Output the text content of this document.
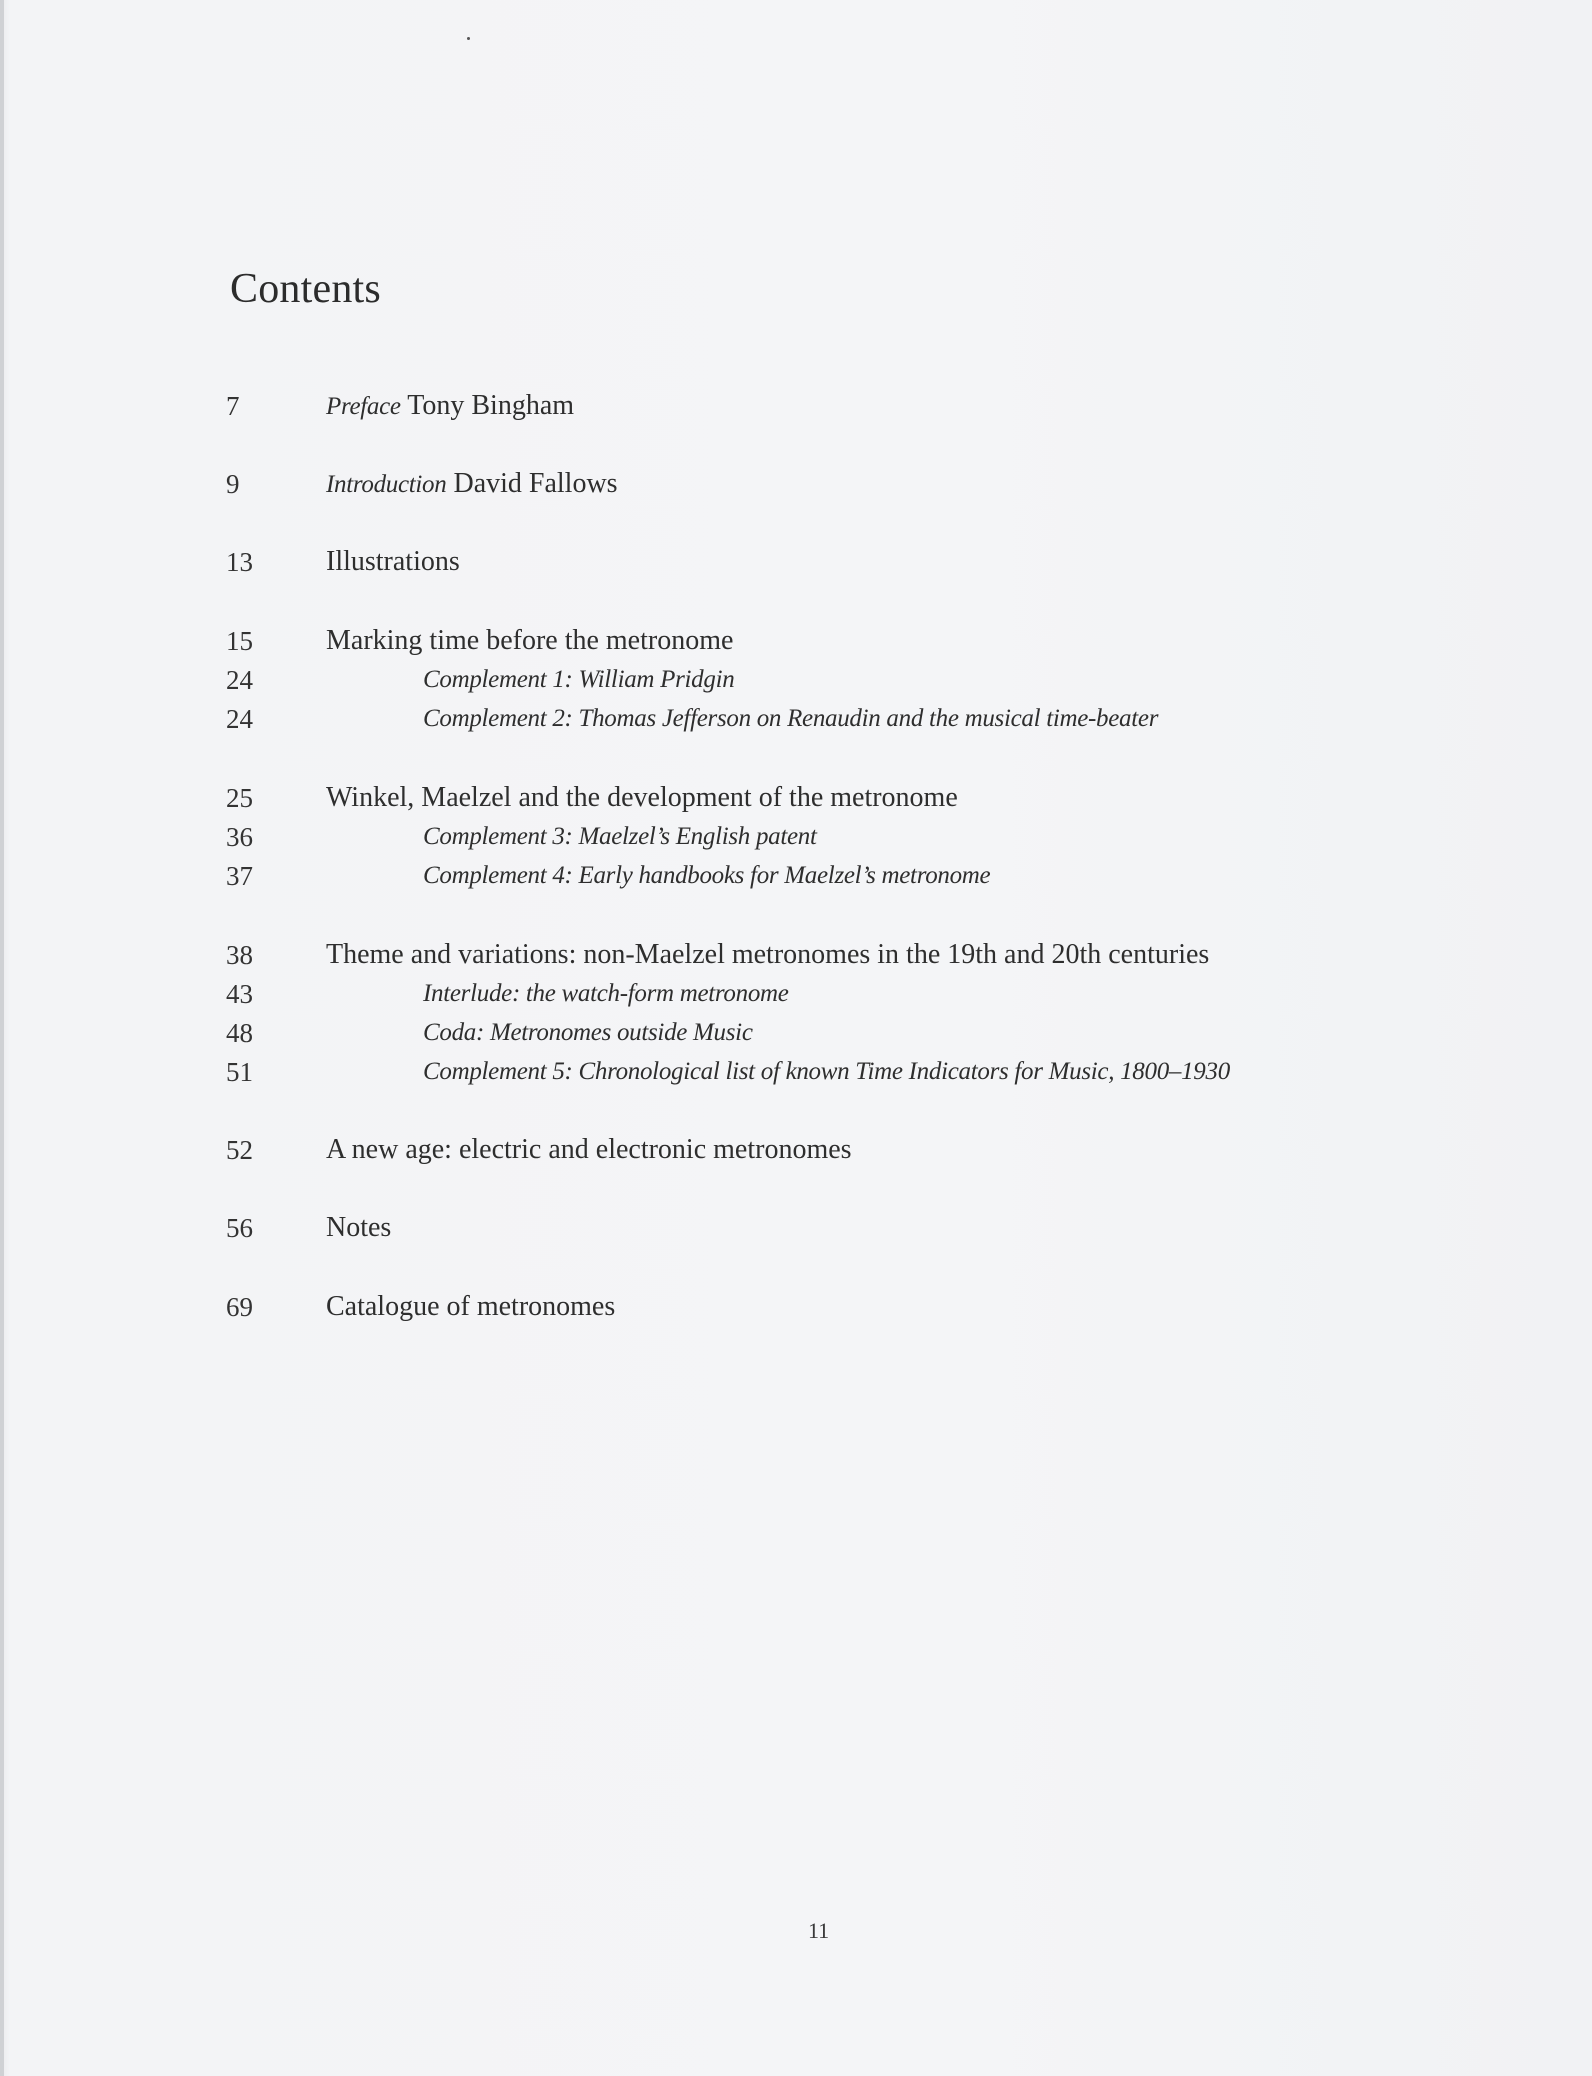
Contents
7	Preface Tony Bingham
9	Introduction David Fallows
13	Illustrations
15	Marking time before the metronome
24	Complement 1: William Pridgin
24	Complement 2: Thomas Jefferson on Renaudin and the musical time-beater
25	Winkel, Maelzel and the development of the metronome
36	Complement 3: Maelzel’s English patent
37	Complement 4: Early handbooks for Maelzel’s metronome
38	Theme and variations: non-Maelzel metronomes in the 19th and 20th centuries
43	Interlude: the watch-form metronome
48	Coda: Metronomes outside Music
51	Complement 5: Chronological list of known Time Indicators for Music, 1800–1930
52	A new age: electric and electronic metronomes
56	Notes
69	Catalogue of metronomes
11
